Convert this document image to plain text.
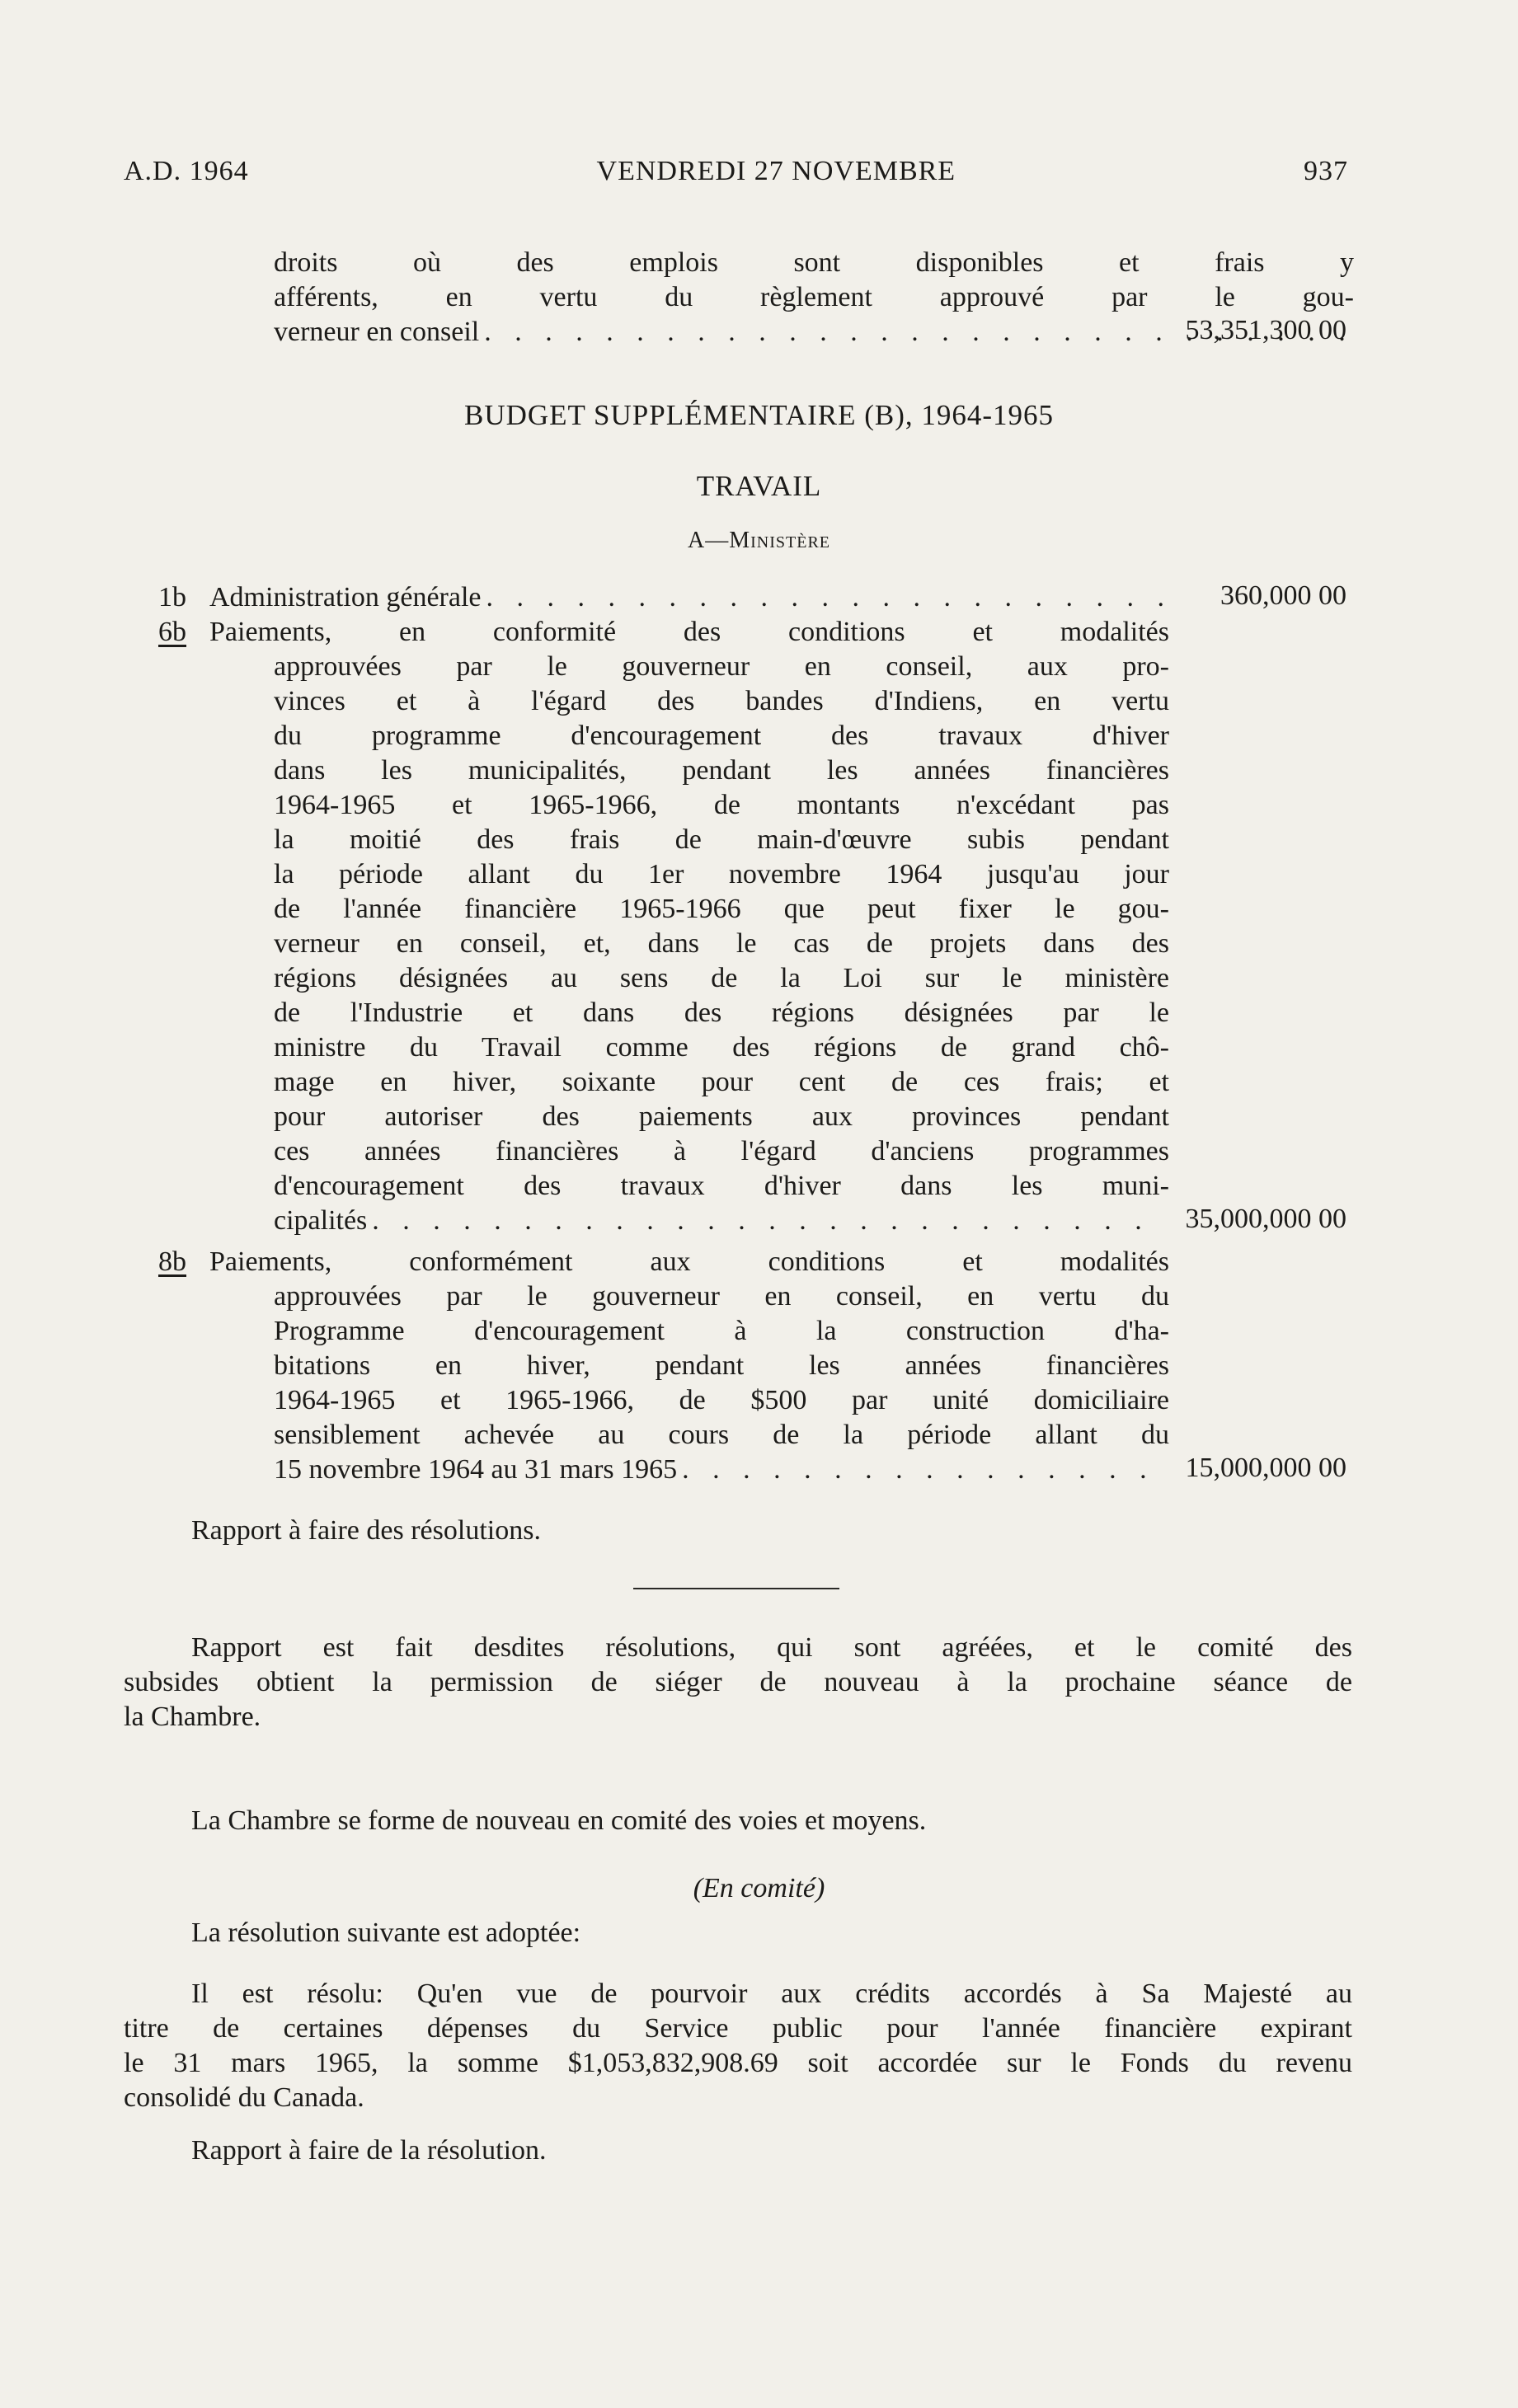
A.D. 1964	VENDREDI 27 NOVEMBRE	937
droits où des emplois sont disponibles et frais y
afférents, en vertu du règlement approuvé par le gou-
verneur en conseil . . .	53,351,300 00
BUDGET SUPPLÉMENTAIRE (B), 1964-1965
TRAVAIL
A—Ministère
1b Administration générale . . .	360,000 00
6b Paiements, en conformité des conditions et modalités
approuvées par le gouverneur en conseil, aux pro-
vinces et à l'égard des bandes d'Indiens, en vertu
du programme d'encouragement des travaux d'hiver
dans les municipalités, pendant les années financières
1964-1965 et 1965-1966, de montants n'excédant pas
la moitié des frais de main-d'œuvre subis pendant
la période allant du 1er novembre 1964 jusqu'au jour
de l'année financière 1965-1966 que peut fixer le gou-
verneur en conseil, et, dans le cas de projets dans des
régions désignées au sens de la Loi sur le ministère
de l'Industrie et dans des régions désignées par le
ministre du Travail comme des régions de grand chô-
mage en hiver, soixante pour cent de ces frais; et
pour autoriser des paiements aux provinces pendant
ces années financières à l'égard d'anciens programmes
d'encouragement des travaux d'hiver dans les muni-
cipalités . . .	35,000,000 00
8b Paiements, conformément aux conditions et modalités
approuvées par le gouverneur en conseil, en vertu du
Programme d'encouragement à la construction d'ha-
bitations en hiver, pendant les années financières
1964-1965 et 1965-1966, de $500 par unité domiciliaire
sensiblement achevée au cours de la période allant du
15 novembre 1964 au 31 mars 1965 . . .	15,000,000 00
Rapport à faire des résolutions.
Rapport est fait desdites résolutions, qui sont agréées, et le comité des
subsides obtient la permission de siéger de nouveau à la prochaine séance de
la Chambre.
La Chambre se forme de nouveau en comité des voies et moyens.
(En comité)
La résolution suivante est adoptée:
Il est résolu: Qu'en vue de pourvoir aux crédits accordés à Sa Majesté au
titre de certaines dépenses du Service public pour l'année financière expirant
le 31 mars 1965, la somme $1,053,832,908.69 soit accordée sur le Fonds du revenu
consolidé du Canada.
Rapport à faire de la résolution.
